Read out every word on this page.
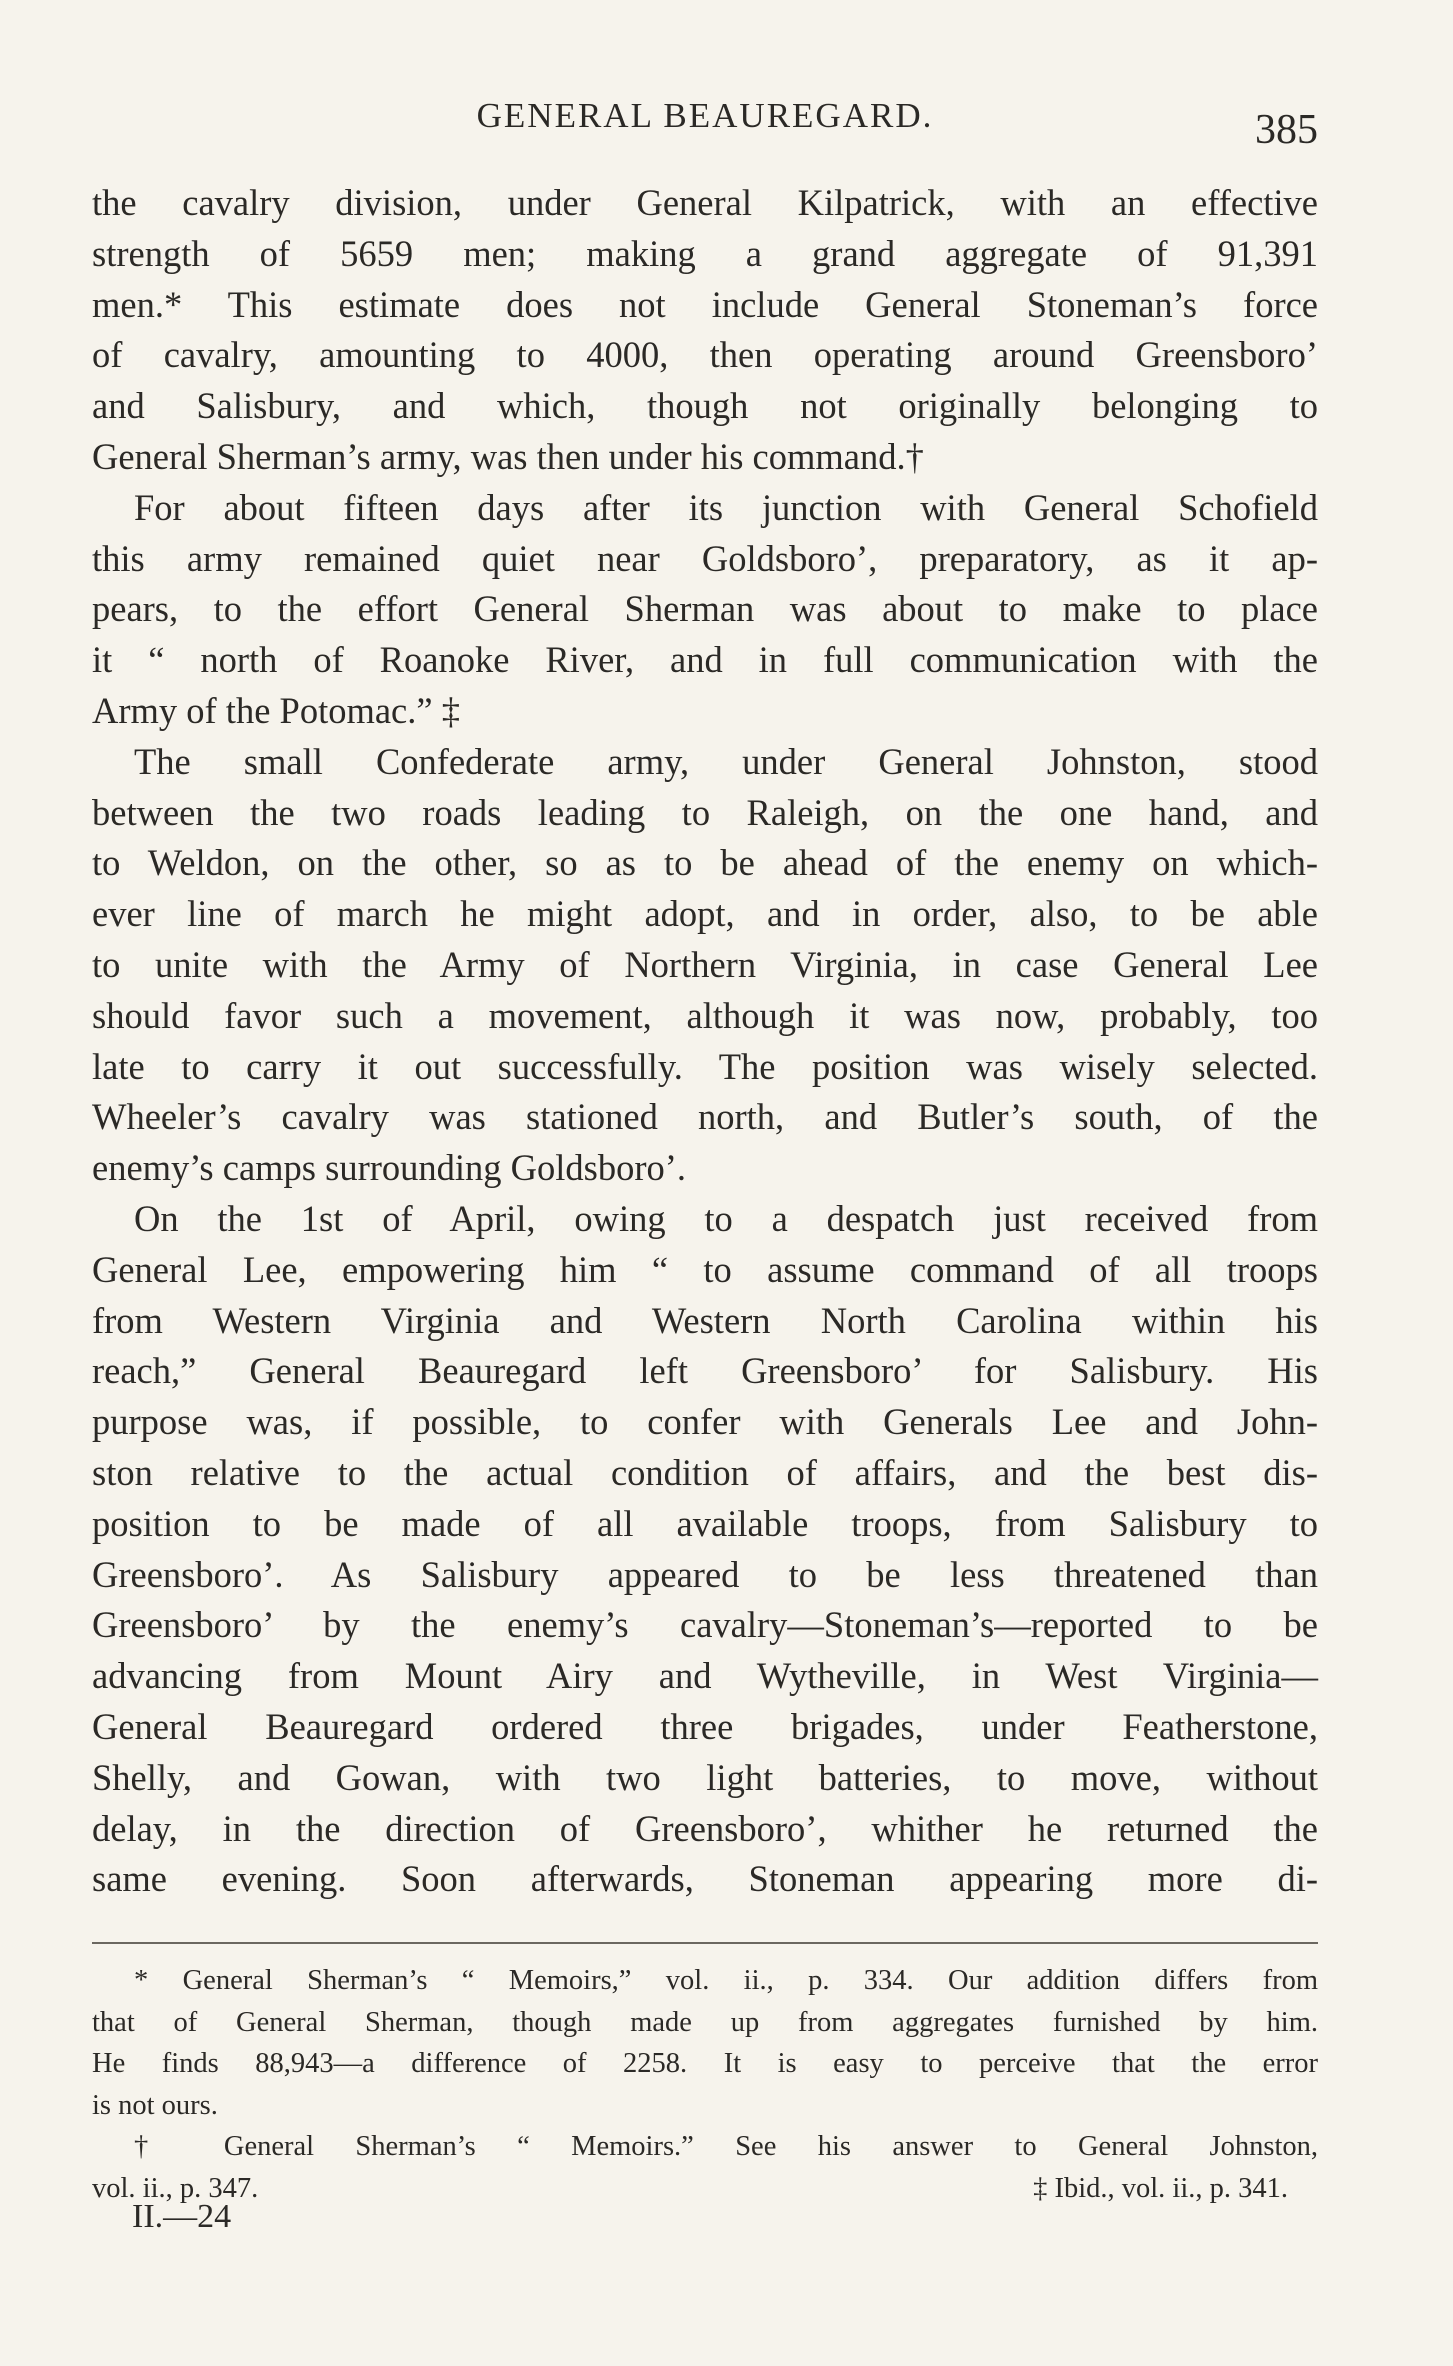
GENERAL BEAUREGARD.	385
the cavalry division, under General Kilpatrick, with an effective
strength of 5659 men; making a grand aggregate of 91,391
men.* This estimate does not include General Stoneman’s force
of cavalry, amounting to 4000, then operating around Greensboro’
and Salisbury, and which, though not originally belonging to
General Sherman’s army, was then under his command.†
For about fifteen days after its junction with General Schofield
this army remained quiet near Goldsboro’, preparatory, as it ap-
pears, to the effort General Sherman was about to make to place
it “ north of Roanoke River, and in full communication with the
Army of the Potomac.” ‡
The small Confederate army, under General Johnston, stood
between the two roads leading to Raleigh, on the one hand, and
to Weldon, on the other, so as to be ahead of the enemy on which-
ever line of march he might adopt, and in order, also, to be able
to unite with the Army of Northern Virginia, in case General Lee
should favor such a movement, although it was now, probably, too
late to carry it out successfully. The position was wisely selected.
Wheeler’s cavalry was stationed north, and Butler’s south, of the
enemy’s camps surrounding Goldsboro’.
On the 1st of April, owing to a despatch just received from
General Lee, empowering him “ to assume command of all troops
from Western Virginia and Western North Carolina within his
reach,” General Beauregard left Greensboro’ for Salisbury. His
purpose was, if possible, to confer with Generals Lee and John-
ston relative to the actual condition of affairs, and the best dis-
position to be made of all available troops, from Salisbury to
Greensboro’. As Salisbury appeared to be less threatened than
Greensboro’ by the enemy’s cavalry—Stoneman’s—reported to be
advancing from Mount Airy and Wytheville, in West Virginia—
General Beauregard ordered three brigades, under Featherstone,
Shelly, and Gowan, with two light batteries, to move, without
delay, in the direction of Greensboro’, whither he returned the
same evening. Soon afterwards, Stoneman appearing more di-
* General Sherman’s “ Memoirs,” vol. ii., p. 334. Our addition differs from
that of General Sherman, though made up from aggregates furnished by him.
He finds 88,943—a difference of 2258. It is easy to perceive that the error
is not ours.
† General Sherman’s “ Memoirs.” See his answer to General Johnston,
vol. ii., p. 347.	‡ Ibid., vol. ii., p. 341.
II.—24
